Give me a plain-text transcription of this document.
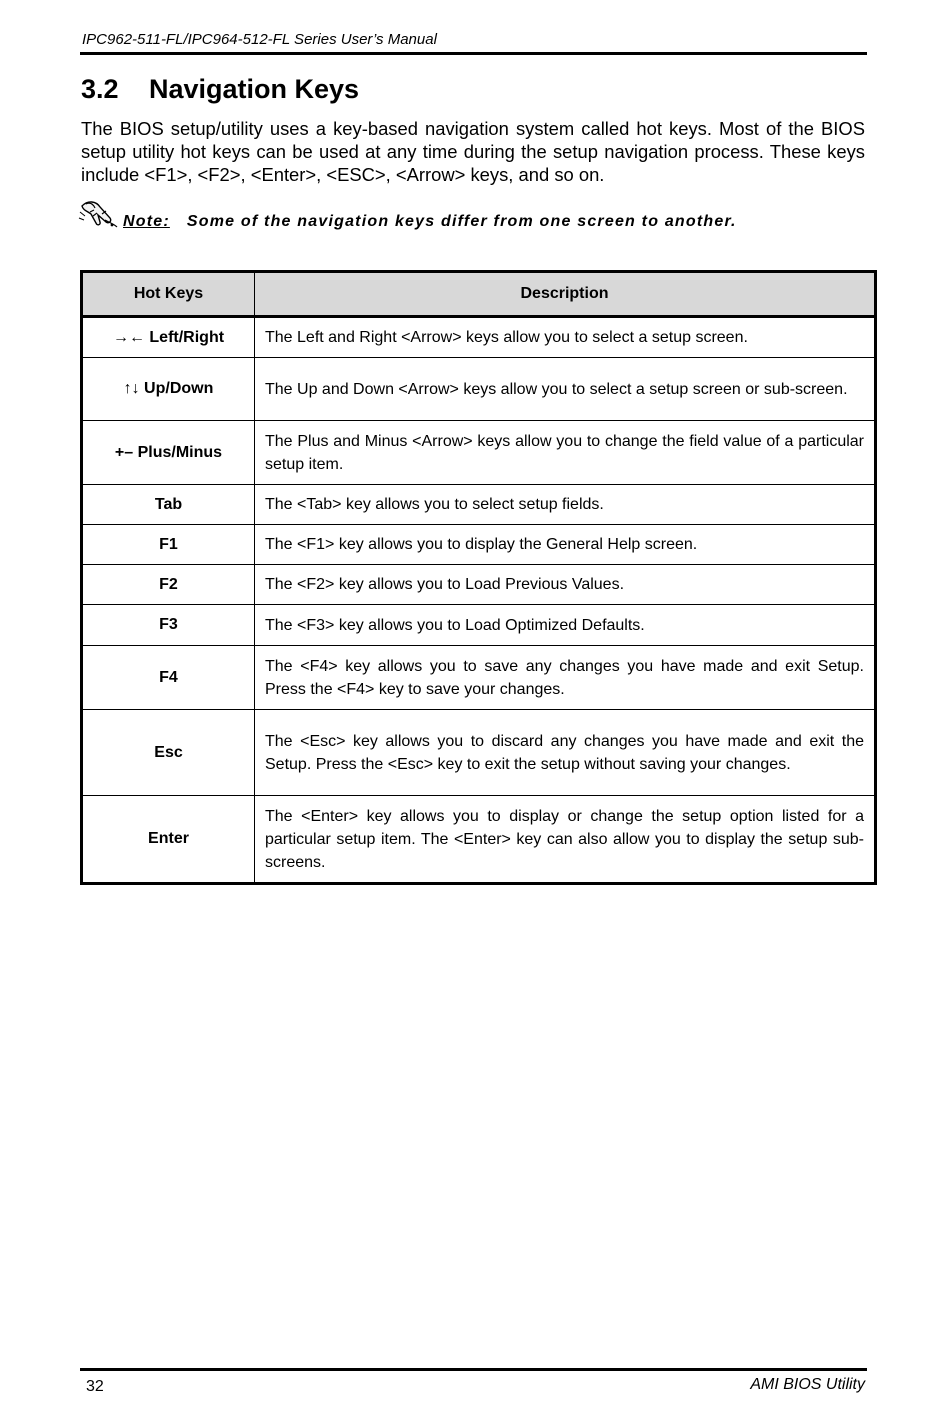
IPC962-511-FL/IPC964-512-FL Series User’s Manual
3.2	Navigation Keys

The BIOS setup/utility uses a key-based navigation system called hot keys. Most of the BIOS setup utility hot keys can be used at any time during the setup navigation process. These keys include <F1>, <F2>, <Enter>, <ESC>, <Arrow> keys, and so on.

Note: Some of the navigation keys differ from one screen to another.
Hot Keys	Description
→← Left/Right	The Left and Right <Arrow> keys allow you to select a setup screen.
↑↓ Up/Down	The Up and Down <Arrow> keys allow you to select a setup screen or sub-screen.
+– Plus/Minus	The Plus and Minus <Arrow> keys allow you to change the field value of a particular setup item.
Tab	The <Tab> key allows you to select setup fields.
F1	The <F1> key allows you to display the General Help screen.
F2	The <F2> key allows you to Load Previous Values.
F3	The <F3> key allows you to Load Optimized Defaults.
F4	The <F4> key allows you to save any changes you have made and exit Setup. Press the <F4> key to save your changes.
Esc	The <Esc> key allows you to discard any changes you have made and exit the Setup. Press the <Esc> key to exit the setup without saving your changes.
Enter	The <Enter> key allows you to display or change the setup option listed for a particular setup item. The <Enter> key can also allow you to display the setup sub- screens.
32	AMI BIOS Utility
